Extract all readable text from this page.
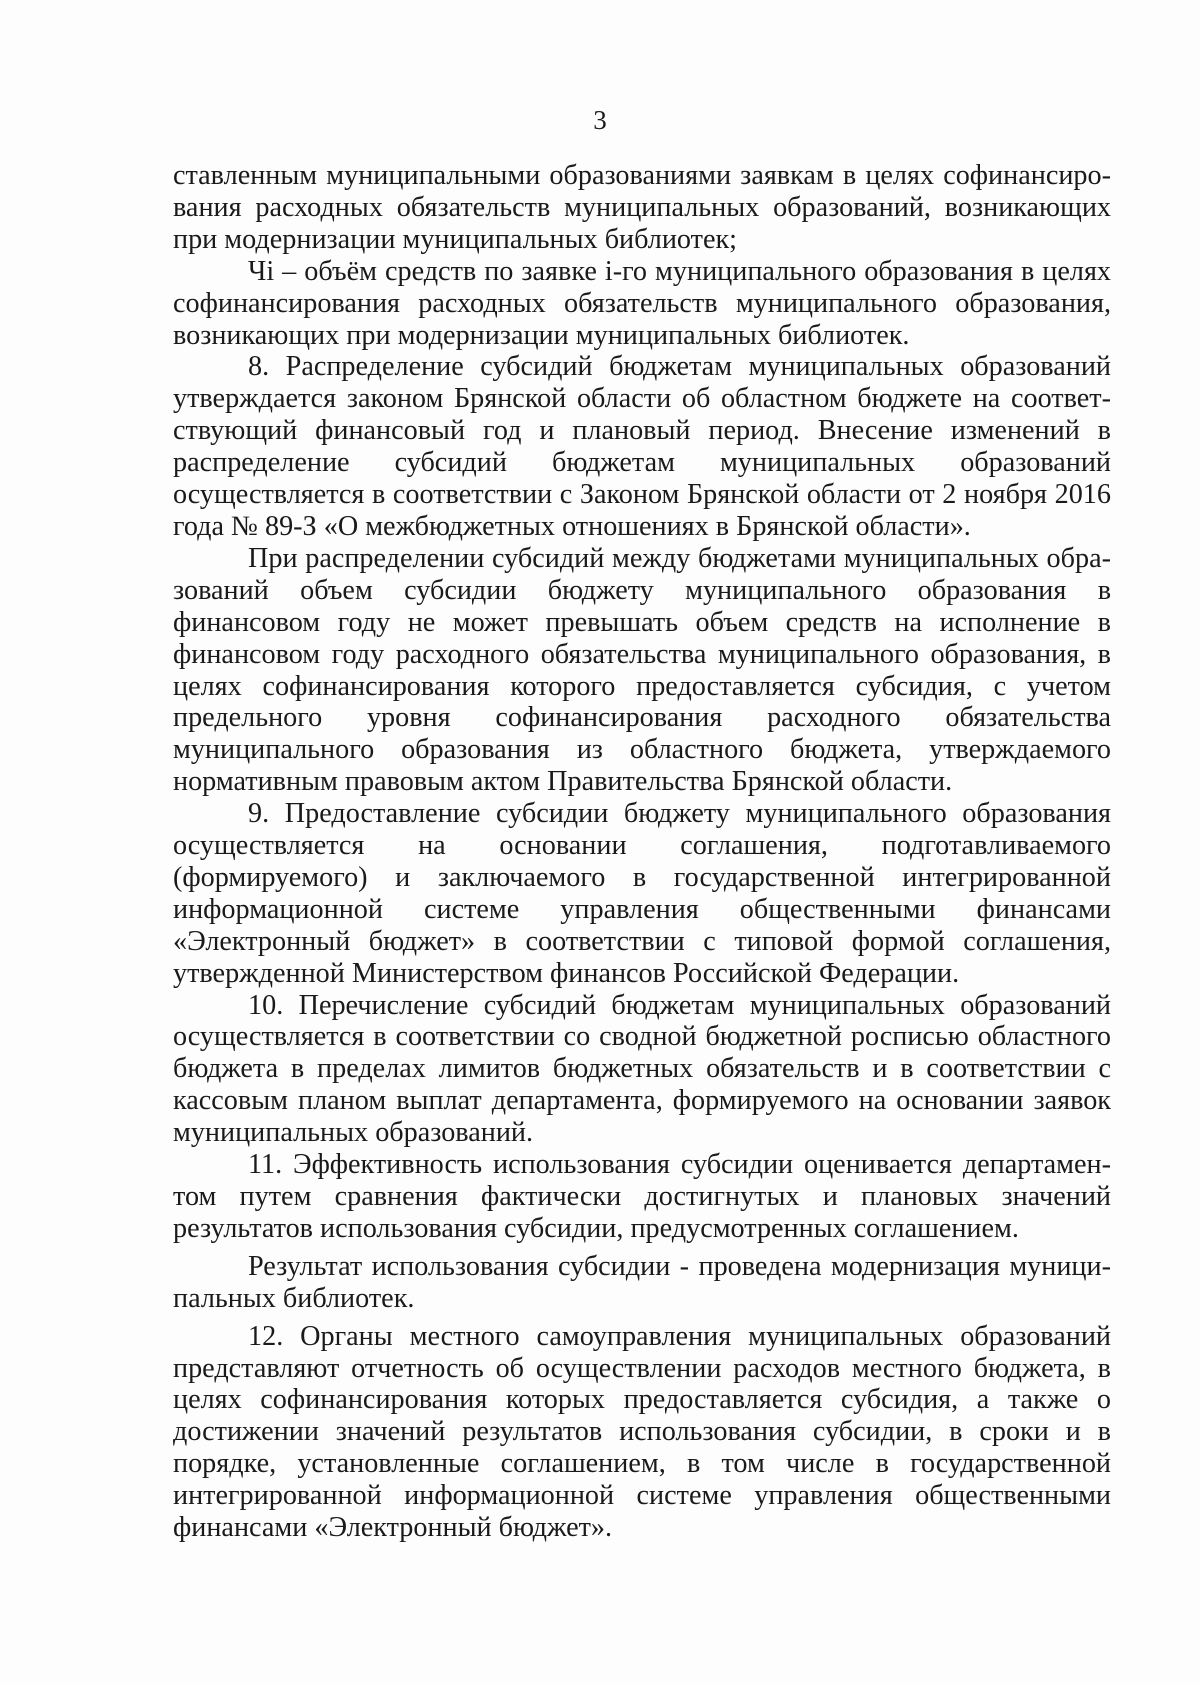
3

ставленным муниципальными образованиями заявкам в целях софинансирования расходных обязательств муниципальных образований, возникающих при модернизации муниципальных библиотек;

Чi – объём средств по заявке i-го муниципального образования в целях софинансирования расходных обязательств муниципального образования, возникающих при модернизации муниципальных библиотек.

8. Распределение субсидий бюджетам муниципальных образований утверждается законом Брянской области об областном бюджете на соответствующий финансовый год и плановый период. Внесение изменений в распределение субсидий бюджетам муниципальных образований осуществляется в соответствии с Законом Брянской области от 2 ноября 2016 года № 89-З «О межбюджетных отношениях в Брянской области».

При распределении субсидий между бюджетами муниципальных образований объем субсидии бюджету муниципального образования в финансовом году не может превышать объем средств на исполнение в финансовом году расходного обязательства муниципального образования, в целях софинансирования которого предоставляется субсидия, с учетом предельного уровня софинансирования расходного обязательства муниципального образования из областного бюджета, утверждаемого нормативным правовым актом Правительства Брянской области.

9. Предоставление субсидии бюджету муниципального образования осуществляется на основании соглашения, подготавливаемого (формируемого) и заключаемого в государственной интегрированной информационной системе управления общественными финансами «Электронный бюджет» в соответствии с типовой формой соглашения, утвержденной Министерством финансов Российской Федерации.

10. Перечисление субсидий бюджетам муниципальных образований осуществляется в соответствии со сводной бюджетной росписью областного бюджета в пределах лимитов бюджетных обязательств и в соответствии с кассовым планом выплат департамента, формируемого на основании заявок муниципальных образований.

11. Эффективность использования субсидии оценивается департаментом путем сравнения фактически достигнутых и плановых значений результатов использования субсидии, предусмотренных соглашением.

Результат использования субсидии - проведена модернизация муниципальных библиотек.

12. Органы местного самоуправления муниципальных образований представляют отчетность об осуществлении расходов местного бюджета, в целях софинансирования которых предоставляется субсидия, а также о достижении значений результатов использования субсидии, в сроки и в порядке, установленные соглашением, в том числе в государственной интегрированной информационной системе управления общественными финансами «Электронный бюджет».
